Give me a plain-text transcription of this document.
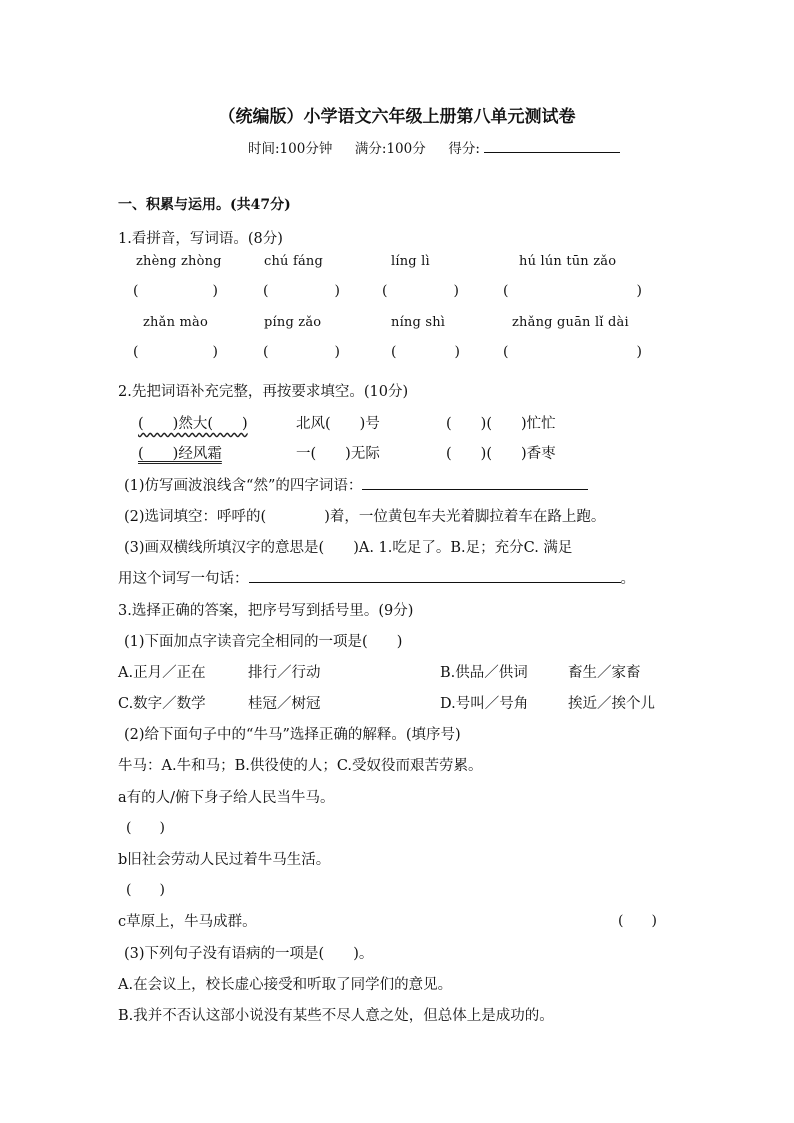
（统编版）小学语文六年级上册第八单元测试卷
时间:100分钟 满分:100分 得分:
一、积累与运用。(共47分)
1.看拼音，写词语。(8分)
zhèng zhòng	chú fáng	líng lì	hú lún tūn zǎo
(	)	(	)	(	)	(	)
zhǎn mào	píng zǎo	níng shì	zhǎng guān lǐ dài
(	)	(	)	(	)	(	)
2.先把词语补充完整，再按要求填空。(10分)
(　　)然大(　　)	北风(　　)号	(　　)(　　)忙忙
(　　)经风霜	一(　　)无际	(　　)(　　)香枣
(1)仿写画波浪线含“然”的四字词语：
(2)选词填空：呼呼的(　　　　)着，一位黄包车夫光着脚拉着车在路上跑。
(3)画双横线所填汉字的意思是(　　)A. 1.吃足了。B.足；充分C. 满足
用这个词写一句话：	。
3.选择正确的答案，把序号写到括号里。(9分)
(1)下面加点字读音完全相同的一项是(　　)
A.正月／正在	排行／行动	B.供品／供词	畜生／家畜
C.数字／数学	桂冠／树冠	D.号叫／号角	挨近／挨个儿
(2)给下面句子中的“牛马”选择正确的解释。(填序号)
牛马：A.牛和马；B.供役使的人；C.受奴役而艰苦劳累。
a有的人/俯下身子给人民当牛马。
(　　)
b旧社会劳动人民过着牛马生活。
(　　)
c草原上，牛马成群。	(　　)
(3)下列句子没有语病的一项是(　　)。
A.在会议上，校长虚心接受和听取了同学们的意见。
B.我并不否认这部小说没有某些不尽人意之处，但总体上是成功的。
